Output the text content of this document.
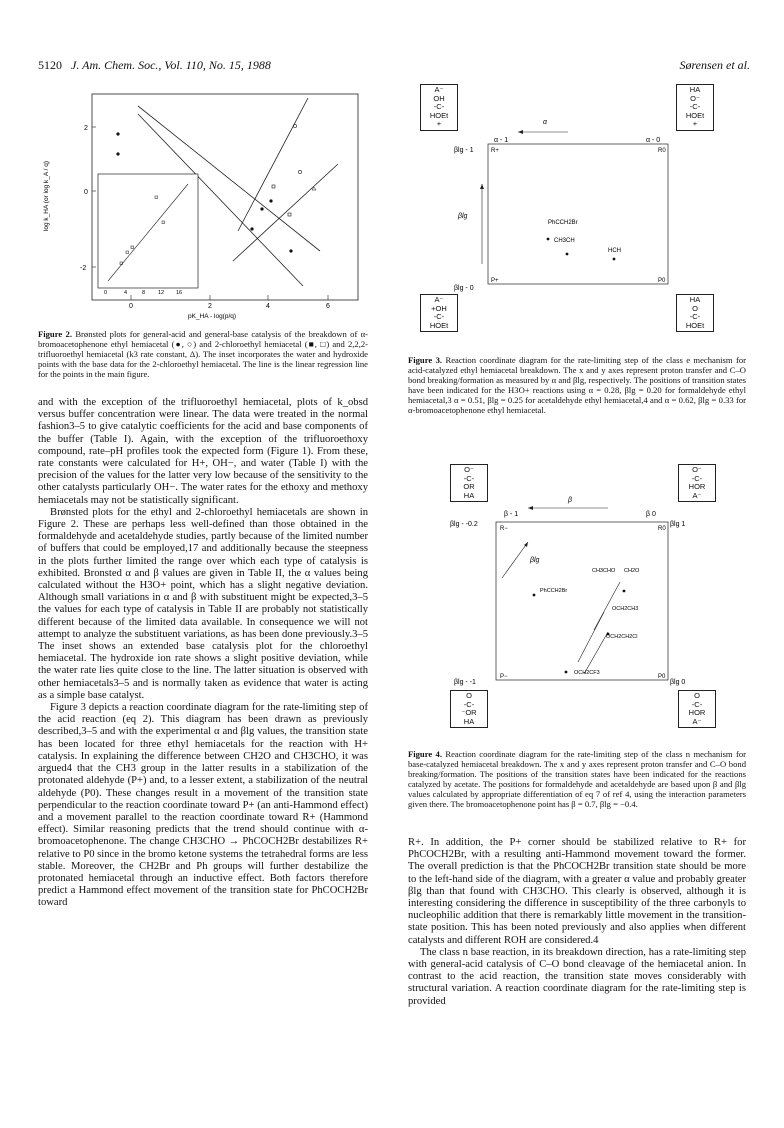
5120 J. Am. Chem. Soc., Vol. 110, No. 15, 1988	Sørensen et al.
log k_HA (or log k_A / q)
2
0
-2
0	2	4	6
pK_HA - log(p/q)
0	4	8 12 16
Figure 2. Brønsted plots for general-acid and general-base catalysis of the breakdown of α-bromoacetophenone ethyl hemiacetal (●, ○) and 2-chloroethyl hemiacetal (■, □) and 2,2,2-trifluoroethyl hemiacetal (k3 rate constant, Δ). The inset incorporates the water and hydroxide points with the base data for the 2-chloroethyl hemiacetal. The line is the linear regression line for the points in the main figure.

and with the exception of the trifluoroethyl hemiacetal, plots of k_obsd versus buffer concentration were linear. The data were treated in the normal fashion3–5 to give catalytic coefficients for the acid and base components of the buffer (Table I). Again, with the exception of the trifluoroethoxy compound, rate–pH profiles took the expected form (Figure 1). From these, rate constants were calculated for H+, OH−, and water (Table I) with the precision of the values for the latter very low because of the sensitivity to the other catalysts particularly OH−. The water rates for the ethoxy and methoxy hemiacetals may not be statistically significant.

Brønsted plots for the ethyl and 2-chloroethyl hemiacetals are shown in Figure 2. These are perhaps less well-defined than those obtained in the formaldehyde and acetaldehyde studies, partly because of the limited number of buffers that could be employed,17 and additionally because the steepness in the plots further limited the range over which each type of catalysis is exhibited. Bronsted α and β values are given in Table II, the α values being calculated without the H3O+ point, which has a slight negative deviation. Although small variations in α and β with substituent might be expected,3–5 the values for each type of catalysis in Table II are probably not statistically different because of the limited data available. In consequence we will not attempt to analyze the substituent variations, as has been done previously.3–5 The inset shows an extended base catalysis plot for the chloroethyl hemiacetal. The hydroxide ion rate shows a slight positive deviation, while the water rate lies quite close to the line. The latter situation is observed with other hemiacetals3–5 and is normally taken as evidence that water is acting as a simple base catalyst.

Figure 3 depicts a reaction coordinate diagram for the rate-limiting step of the acid reaction (eq 2). This diagram has been drawn as previously described,3–5 and with the experimental α and βlg values, the transition state has been located for three ethyl hemiacetals for the reaction with H+ catalysis. In explaining the difference between CH2O and CH3CHO, it was argued4 that the CH3 group in the latter results in a stabilization of the protonated aldehyde (P+) and, to a lesser extent, a stabilization of the neutral aldehyde (P0). These changes result in a movement of the transition state perpendicular to the reaction coordinate toward P+ (an anti-Hammond effect) and a movement parallel to the reaction coordinate toward R+ (Hammond effect). Similar reasoning predicts that the trend should continue with α-bromoacetophenone. The change CH3CHO → PhCOCH2Br destabilizes R+ relative to P0 since in the bromo ketone systems the tetrahedral forms are less stable. Moreover, the CH2Br and Ph groups will further destabilize the protonated hemiacetal through an inductive effect. Both factors therefore predict a Hammond effect movement of the transition state for PhCOCH2Br toward

α
α - 1	α - 0
βlg - 1
βlg - 0
βlg
R+	R0
P+	P0
PhCCH2Br
CH3CH
HCH
A⁻
OH
-C-
HOEt
+
HA
O⁻
-C-
HOEt
+
A⁻
+OH
-C-
HOEt
HA
O
-C-
HOEt
Figure 3. Reaction coordinate diagram for the rate-limiting step of the class e mechanism for acid-catalyzed ethyl hemiacetal breakdown. The x and y axes represent proton transfer and C–O bond breaking/formation as measured by α and βlg, respectively. The positions of transition states have been indicated for the H3O+ reactions using α = 0.28, βlg = 0.20 for formaldehyde ethyl hemiacetal,3 α = 0.51, βlg = 0.25 for acetaldehyde ethyl hemiacetal,4 and α = 0.62, βlg = 0.33 for α-bromoacetophenone ethyl hemiacetal.
β
β - 1	β 0
βlg - -0.2	βlg 1
βlg - -1	βlg 0
βlg
R−	R0
P−	P0
CH3CHO CH2O
PhCCH2Br
OCH2CH3
OCH2CH2Cl
OCH2CF3
O⁻
-C-
OR
HA
O⁻
-C-
HOR
A⁻
O
-C-
⁻OR
HA
O
-C-
HOR
A⁻
Figure 4. Reaction coordinate diagram for the rate-limiting step of the class n mechanism for base-catalyzed hemiacetal breakdown. The x and y axes represent proton transfer and C–O bond breaking/formation. The positions of the transition states have been indicated for the reactions catalyzed by acetate. The positions for formaldehyde and acetaldehyde are based upon β and βlg values calculated by appropriate differentiation of eq 7 of ref 4, using the interaction parameters given there. The bromoacetophenone point has β = 0.7, βlg = −0.4.

R+. In addition, the P+ corner should be stabilized relative to R+ for PhCOCH2Br, with a resulting anti-Hammond movement toward the former. The overall prediction is that the PhCOCH2Br transition state should be more to the left-hand side of the diagram, with a greater α value and probably greater βlg than that found with CH3CHO. This clearly is observed, although it is interesting considering the difference in susceptibility of the three carbonyls to nucleophilic addition that there is remarkably little movement in the transition-state position. This has been noted previously and also applies when different catalysts and different ROH are considered.4

The class n base reaction, in its breakdown direction, has a rate-limiting step with general-acid catalysis of C–O bond cleavage of the hemiacetal anion. In contrast to the acid reaction, the transition state moves considerably with structural variation. A reaction coordinate diagram for the rate-limiting step is provided
